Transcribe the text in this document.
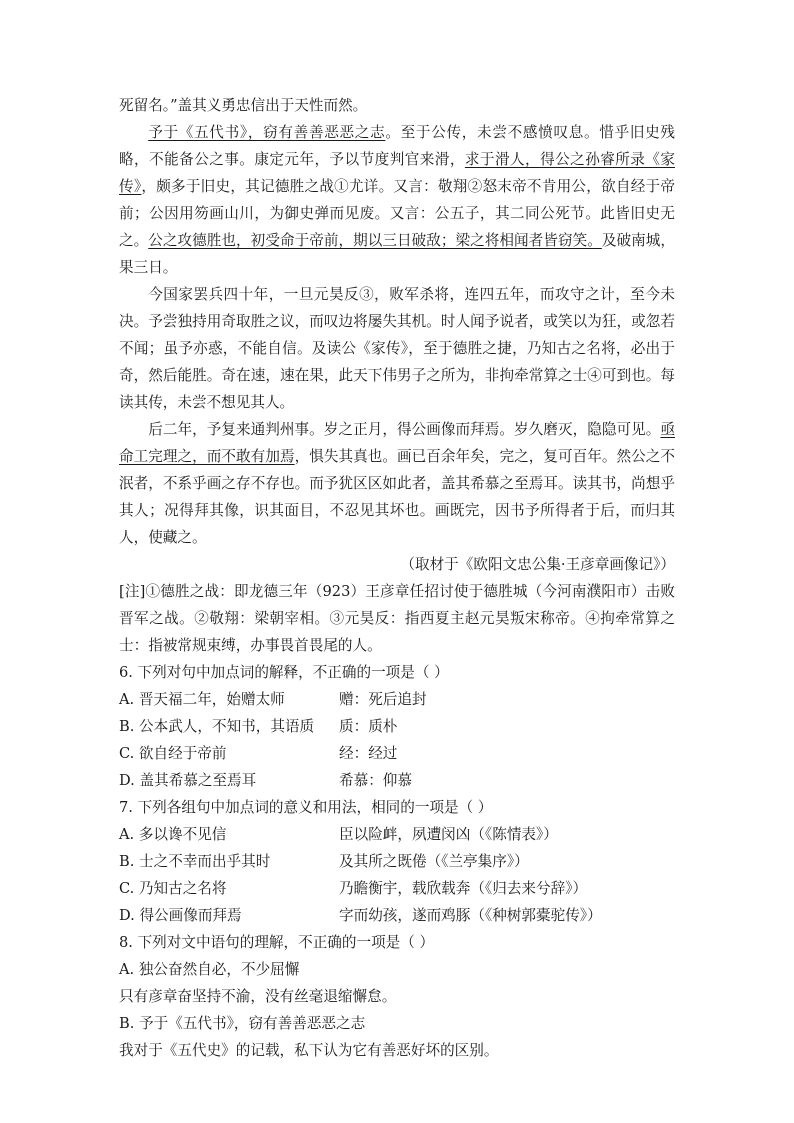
死留名。”盖其义勇忠信出于天性而然。

予于《五代书》，窃有善善恶恶之志。至于公传，未尝不感愤叹息。惜乎旧史残略，不能备公之事。康定元年，予以节度判官来滑，求于滑人，得公之孙睿所录《家传》，颇多于旧史，其记德胜之战①尤详。又言：敬翔②怒末帝不肯用公，欲自经于帝前；公因用笏画山川，为御史弹而见废。又言：公五子，其二同公死节。此皆旧史无之。公之攻德胜也，初受命于帝前，期以三日破敌；梁之将相闻者皆窃笑。及破南城，果三日。

今国家罢兵四十年，一旦元昊反③，败军杀将，连四五年，而攻守之计，至今未决。予尝独持用奇取胜之议，而叹边将屡失其机。时人闻予说者，或笑以为狂，或忽若不闻；虽予亦惑，不能自信。及读公《家传》，至于德胜之捷，乃知古之名将，必出于奇，然后能胜。奇在速，速在果，此天下伟男子之所为，非拘牵常算之士④可到也。每读其传，未尝不想见其人。

后二年，予复来通判州事。岁之正月，得公画像而拜焉。岁久磨灭，隐隐可见。亟命工完理之，而不敢有加焉，惧失其真也。画已百余年矣，完之，复可百年。然公之不泯者，不系乎画之存不存也。而予犹区区如此者，盖其希慕之至焉耳。读其书，尚想乎其人；况得拜其像，识其面目，不忍见其坏也。画既完，因书予所得者于后，而归其人，使藏之。

（取材于《欧阳文忠公集·王彦章画像记》）

[注]①德胜之战：即龙德三年（923）王彦章任招讨使于德胜城（今河南濮阳市）击败晋军之战。②敬翔：梁朝宰相。③元昊反：指西夏主赵元昊叛宋称帝。④拘牵常算之士：指被常规束缚，办事畏首畏尾的人。

6. 下列对句中加点词的解释，不正确的一项是（ ）

A. 晋天福二年，始赠太师	赠：死后追封
B. 公本武人，不知书，其语质	质：质朴
C. 欲自经于帝前	经：经过
D. 盖其希慕之至焉耳	希慕：仰慕

7. 下列各组句中加点词的意义和用法，相同的一项是（ ）

A. 多以谗不见信	臣以险衅，夙遭闵凶（《陈情表》）
B. 士之不幸而出乎其时	及其所之既倦（《兰亭集序》）
C. 乃知古之名将	乃瞻衡宇，载欣载奔（《归去来兮辞》）
D. 得公画像而拜焉	字而幼孩，遂而鸡豚（《种树郭橐驼传》）

8. 下列对文中语句的理解，不正确的一项是（ ）

A. 独公奋然自必，不少屈懈

只有彦章奋坚持不渝，没有丝毫退缩懈怠。

B. 予于《五代书》，窃有善善恶恶之志

我对于《五代史》的记载，私下认为它有善恶好坏的区别。
